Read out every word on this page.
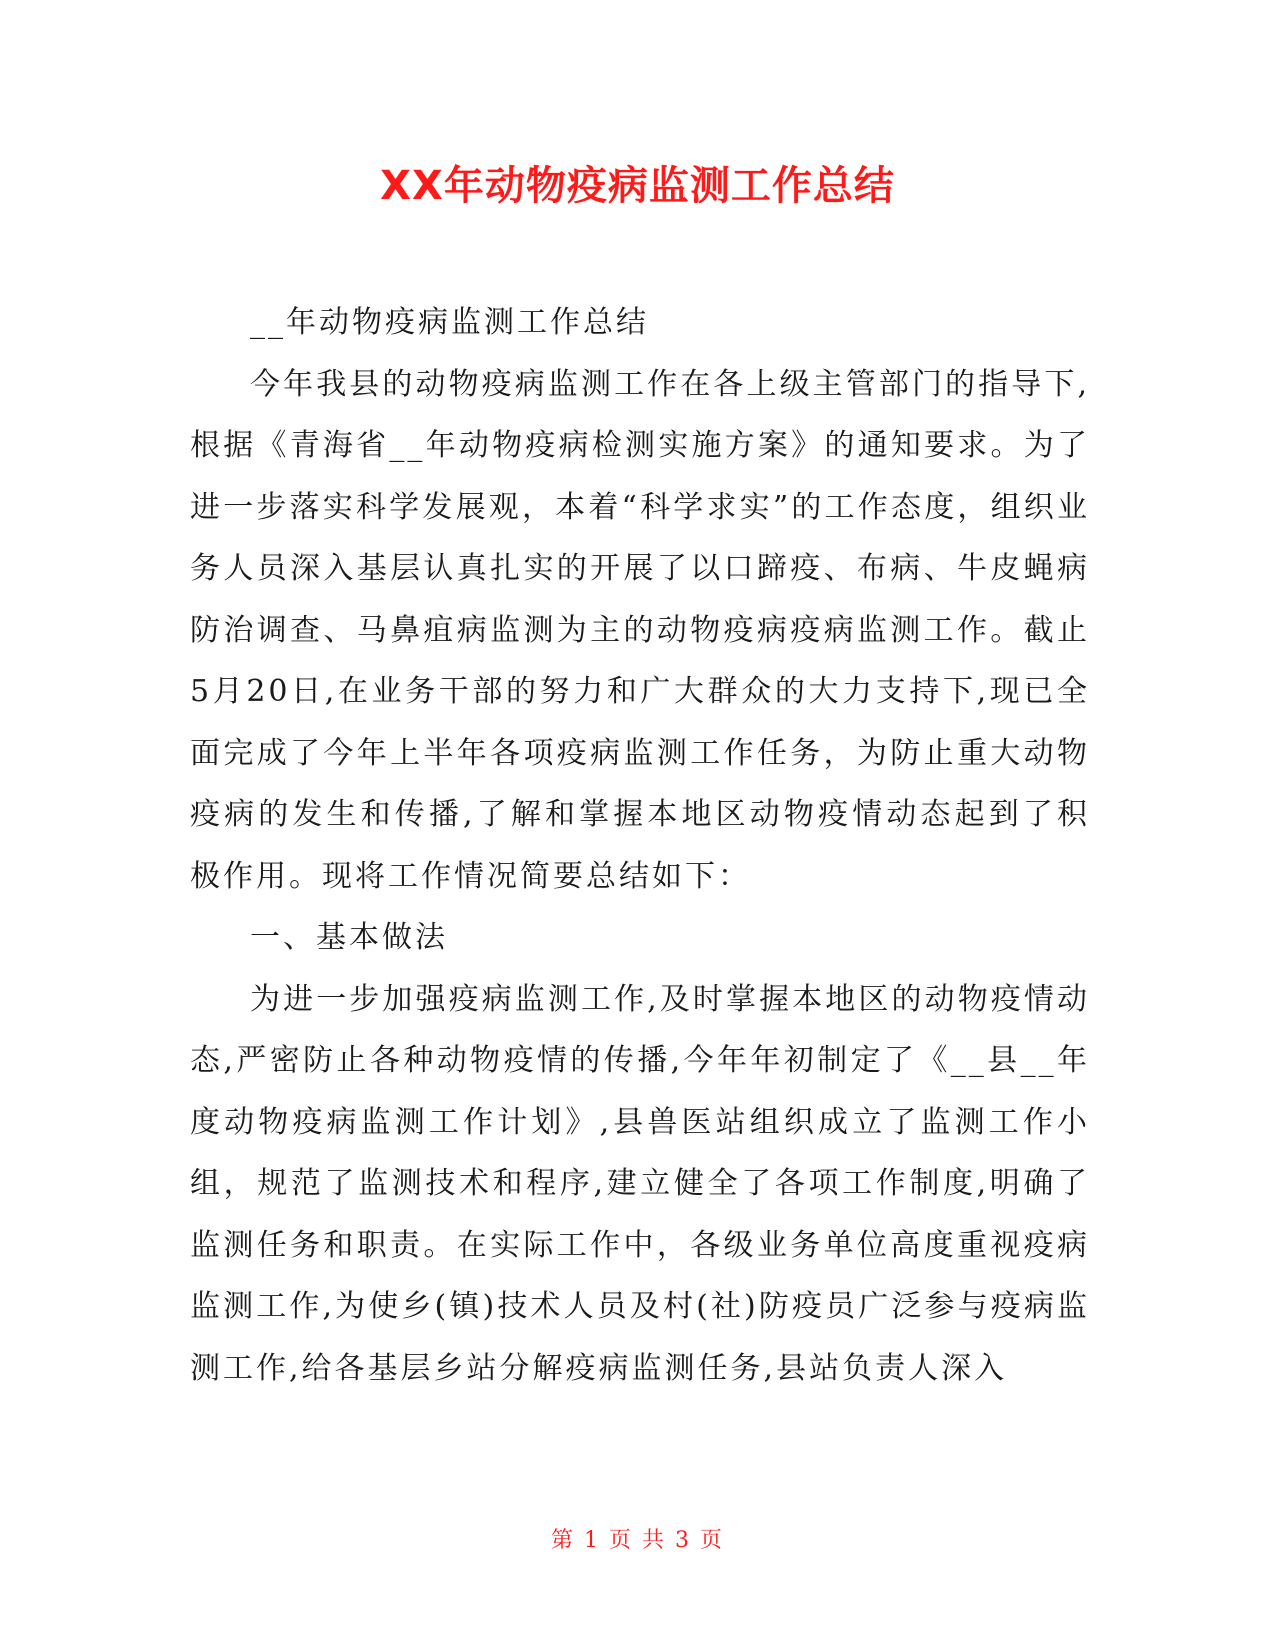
XX年动物疫病监测工作总结

__年动物疫病监测工作总结

今年我县的动物疫病监测工作在各上级主管部门的指导下,根据《青海省__年动物疫病检测实施方案》的通知要求。为了进一步落实科学发展观，本着“科学求实”的工作态度，组织业务人员深入基层认真扎实的开展了以口蹄疫、布病、牛皮蝇病防治调查、马鼻疽病监测为主的动物疫病疫病监测工作。截止5月20日,在业务干部的努力和广大群众的大力支持下,现已全面完成了今年上半年各项疫病监测工作任务，为防止重大动物疫病的发生和传播,了解和掌握本地区动物疫情动态起到了积极作用。现将工作情况简要总结如下：

一、基本做法

为进一步加强疫病监测工作,及时掌握本地区的动物疫情动态,严密防止各种动物疫情的传播,今年年初制定了《__县__年度动物疫病监测工作计划》,县兽医站组织成立了监测工作小组，规范了监测技术和程序,建立健全了各项工作制度,明确了监测任务和职责。在实际工作中，各级业务单位高度重视疫病监测工作,为使乡(镇)技术人员及村(社)防疫员广泛参与疫病监测工作,给各基层乡站分解疫病监测任务,县站负责人深入

第 1 页 共 3 页
